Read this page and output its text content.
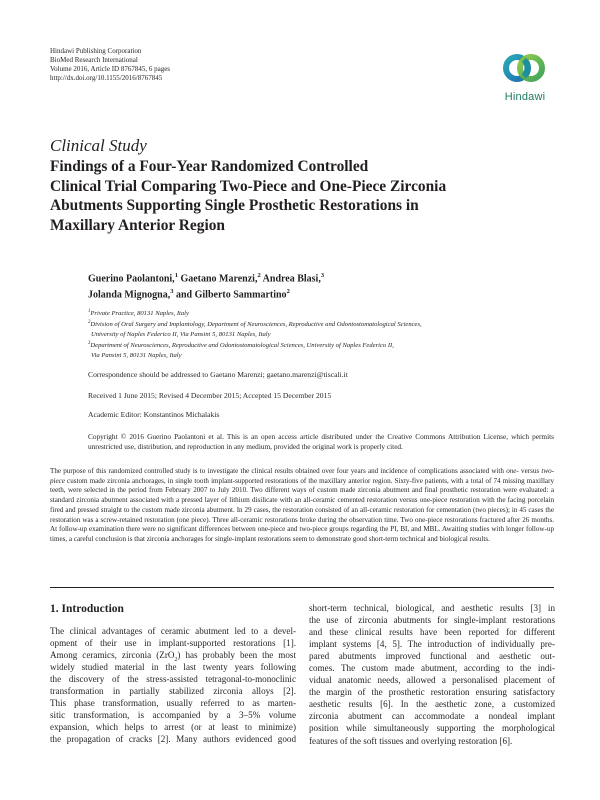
Hindawi Publishing Corporation
BioMed Research International
Volume 2016, Article ID 8767845, 6 pages
http://dx.doi.org/10.1155/2016/8767845
Hindawi
Clinical Study
Findings of a Four-Year Randomized Controlled
Clinical Trial Comparing Two-Piece and One-Piece Zirconia
Abutments Supporting Single Prosthetic Restorations in
Maxillary Anterior Region
Guerino Paolantoni,$^1$ Gaetano Marenzi,$^2$ Andrea Blasi,$^3$
Jolanda Mignogna,$^3$ and Gilberto Sammartino$^2$
$^1$Private Practice, 80131 Naples, Italy
$^2$Division of Oral Surgery and Implantology, Department of Neurosciences, Reproductive and Odontostomatological Sciences,
University of Naples Federico II, Via Pansini 5, 80131 Naples, Italy
$^3$Department of Neurosciences, Reproductive and Odontostomatological Sciences, University of Naples Federico II,
Via Pansini 5, 80131 Naples, Italy
Correspondence should be addressed to Gaetano Marenzi; gaetano.marenzi@tiscali.it
Received 1 June 2015; Revised 4 December 2015; Accepted 15 December 2015
Academic Editor: Konstantinos Michalakis
Copyright © 2016 Guerino Paolantoni et al. This is an open access article distributed under the Creative Commons Attribution License, which permits unrestricted use, distribution, and reproduction in any medium, provided the original work is properly cited.
The purpose of this randomized controlled study is to investigate the clinical results obtained over four years and incidence of complications associated with one- versus two-piece custom made zirconia anchorages, in single tooth implant-supported restorations of the maxillary anterior region. Sixty-five patients, with a total of 74 missing maxillary teeth, were selected in the period from February 2007 to July 2010. Two different ways of custom made zirconia abutment and final prosthetic restoration were evaluated: a standard zirconia abutment associated with a pressed layer of lithium disilicate with an all-ceramic cemented restoration versus one-piece restoration with the facing porcelain fired and pressed straight to the custom made zirconia abutment. In 29 cases, the restoration consisted of an all-ceramic restoration for cementation (two pieces); in 45 cases the restoration was a screw-retained restoration (one piece). Three all-ceramic restorations broke during the observation time. Two one-piece restorations fractured after 26 months. At follow-up examination there were no significant differences between one-piece and two-piece groups regarding the PI, BI, and MBL. Awaiting studies with longer follow-up times, a careful conclusion is that zirconia anchorages for single-implant restorations seem to demonstrate good short-term technical and biological results.
1. Introduction
The clinical advantages of ceramic abutment led to a devel-
opment of their use in implant-supported restorations [1].
Among ceramics, zirconia (ZrO$_2$) has probably been the most
widely studied material in the last twenty years following
the discovery of the stress-assisted tetragonal-to-monoclinic
transformation in partially stabilized zirconia alloys [2].
This phase transformation, usually referred to as marten-
sitic transformation, is accompanied by a 3–5% volume
expansion, which helps to arrest (or at least to minimize)
the propagation of cracks [2]. Many authors evidenced good
short-term technical, biological, and aesthetic results [3] in
the use of zirconia abutments for single-implant restorations
and these clinical results have been reported for different
implant systems [4, 5]. The introduction of individually pre-
pared abutments improved functional and aesthetic out-
comes. The custom made abutment, according to the indi-
vidual anatomic needs, allowed a personalised placement of
the margin of the prosthetic restoration ensuring satisfactory
aesthetic results [6]. In the aesthetic zone, a customized
zirconia abutment can accommodate a nondeal implant
position while simultaneously supporting the morphological
features of the soft tissues and overlying restoration [6].
